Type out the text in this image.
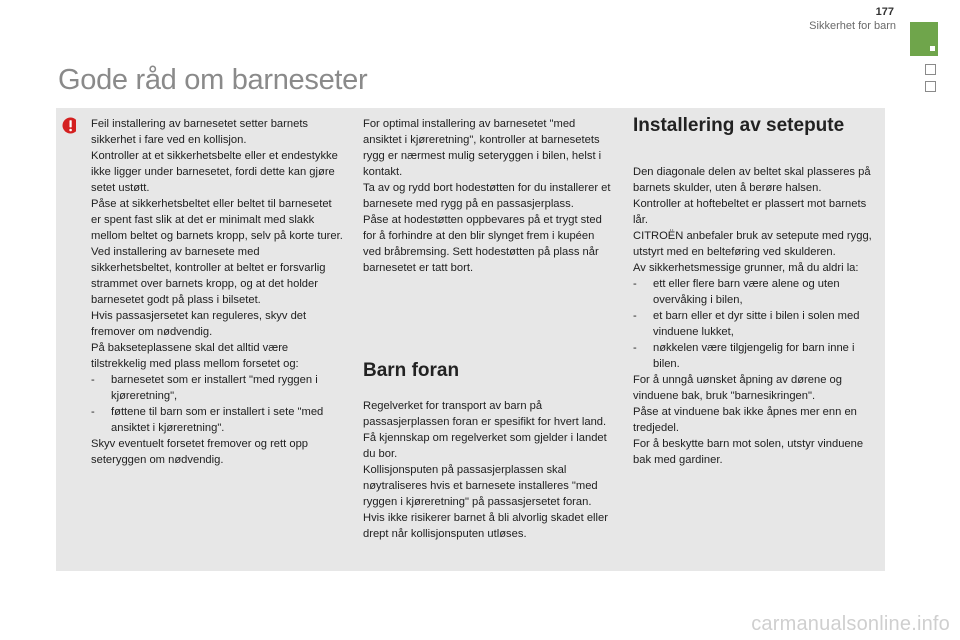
177
Sikkerhet for barn
Gode råd om barneseter

Feil installering av barnesetet setter barnets sikkerhet i fare ved en kollisjon.

Kontroller at et sikkerhetsbelte eller et endestykke ikke ligger under barnesetet, fordi dette kan gjøre setet ustøtt.

Påse at sikkerhetsbeltet eller beltet til barnesetet er spent fast slik at det er minimalt med slakk mellom beltet og barnets kropp, selv på korte turer.

Ved installering av barnesete med sikkerhetsbeltet, kontroller at beltet er forsvarlig strammet over barnets kropp, og at det holder barnesetet godt på plass i bilsetet.

Hvis passasjersetet kan reguleres, skyv det fremover om nødvendig.

På bakseteplassene skal det alltid være tilstrekkelig med plass mellom forsetet og:

- barnesetet som er installert "med ryggen i kjøreretning",

- føttene til barn som er installert i sete "med ansiktet i kjøreretning".

Skyv eventuelt forsetet fremover og rett opp seteryggen om nødvendig.

For optimal installering av barnesetet "med ansiktet i kjøreretning", kontroller at barnesetets rygg er nærmest mulig seteryggen i bilen, helst i kontakt.

Ta av og rydd bort hodestøtten for du installerer et barnesete med rygg på en passasjerplass.

Påse at hodestøtten oppbevares på et trygt sted for å forhindre at den blir slynget frem i kupéen ved bråbremsing. Sett hodestøtten på plass når barnesetet er tatt bort.

Barn foran

Regelverket for transport av barn på passasjerplassen foran er spesifikt for hvert land. Få kjennskap om regelverket som gjelder i landet du bor.

Kollisjonsputen på passasjerplassen skal nøytraliseres hvis et barnesete installeres "med ryggen i kjøreretning" på passasjersetet foran.

Hvis ikke risikerer barnet å bli alvorlig skadet eller drept når kollisjonsputen utløses.

Installering av setepute

Den diagonale delen av beltet skal plasseres på barnets skulder, uten å berøre halsen.

Kontroller at hoftebeltet er plassert mot barnets lår.

CITROËN anbefaler bruk av setepute med rygg, utstyrt med en belteføring ved skulderen.

Av sikkerhetsmessige grunner, må du aldri la:

- ett eller flere barn være alene og uten overvåking i bilen,

- et barn eller et dyr sitte i bilen i solen med vinduene lukket,

- nøkkelen være tilgjengelig for barn inne i bilen.

For å unngå uønsket åpning av dørene og vinduene bak, bruk "barnesikringen".

Påse at vinduene bak ikke åpnes mer enn en tredjedel.

For å beskytte barn mot solen, utstyr vinduene bak med gardiner.

carmanualsonline.info
